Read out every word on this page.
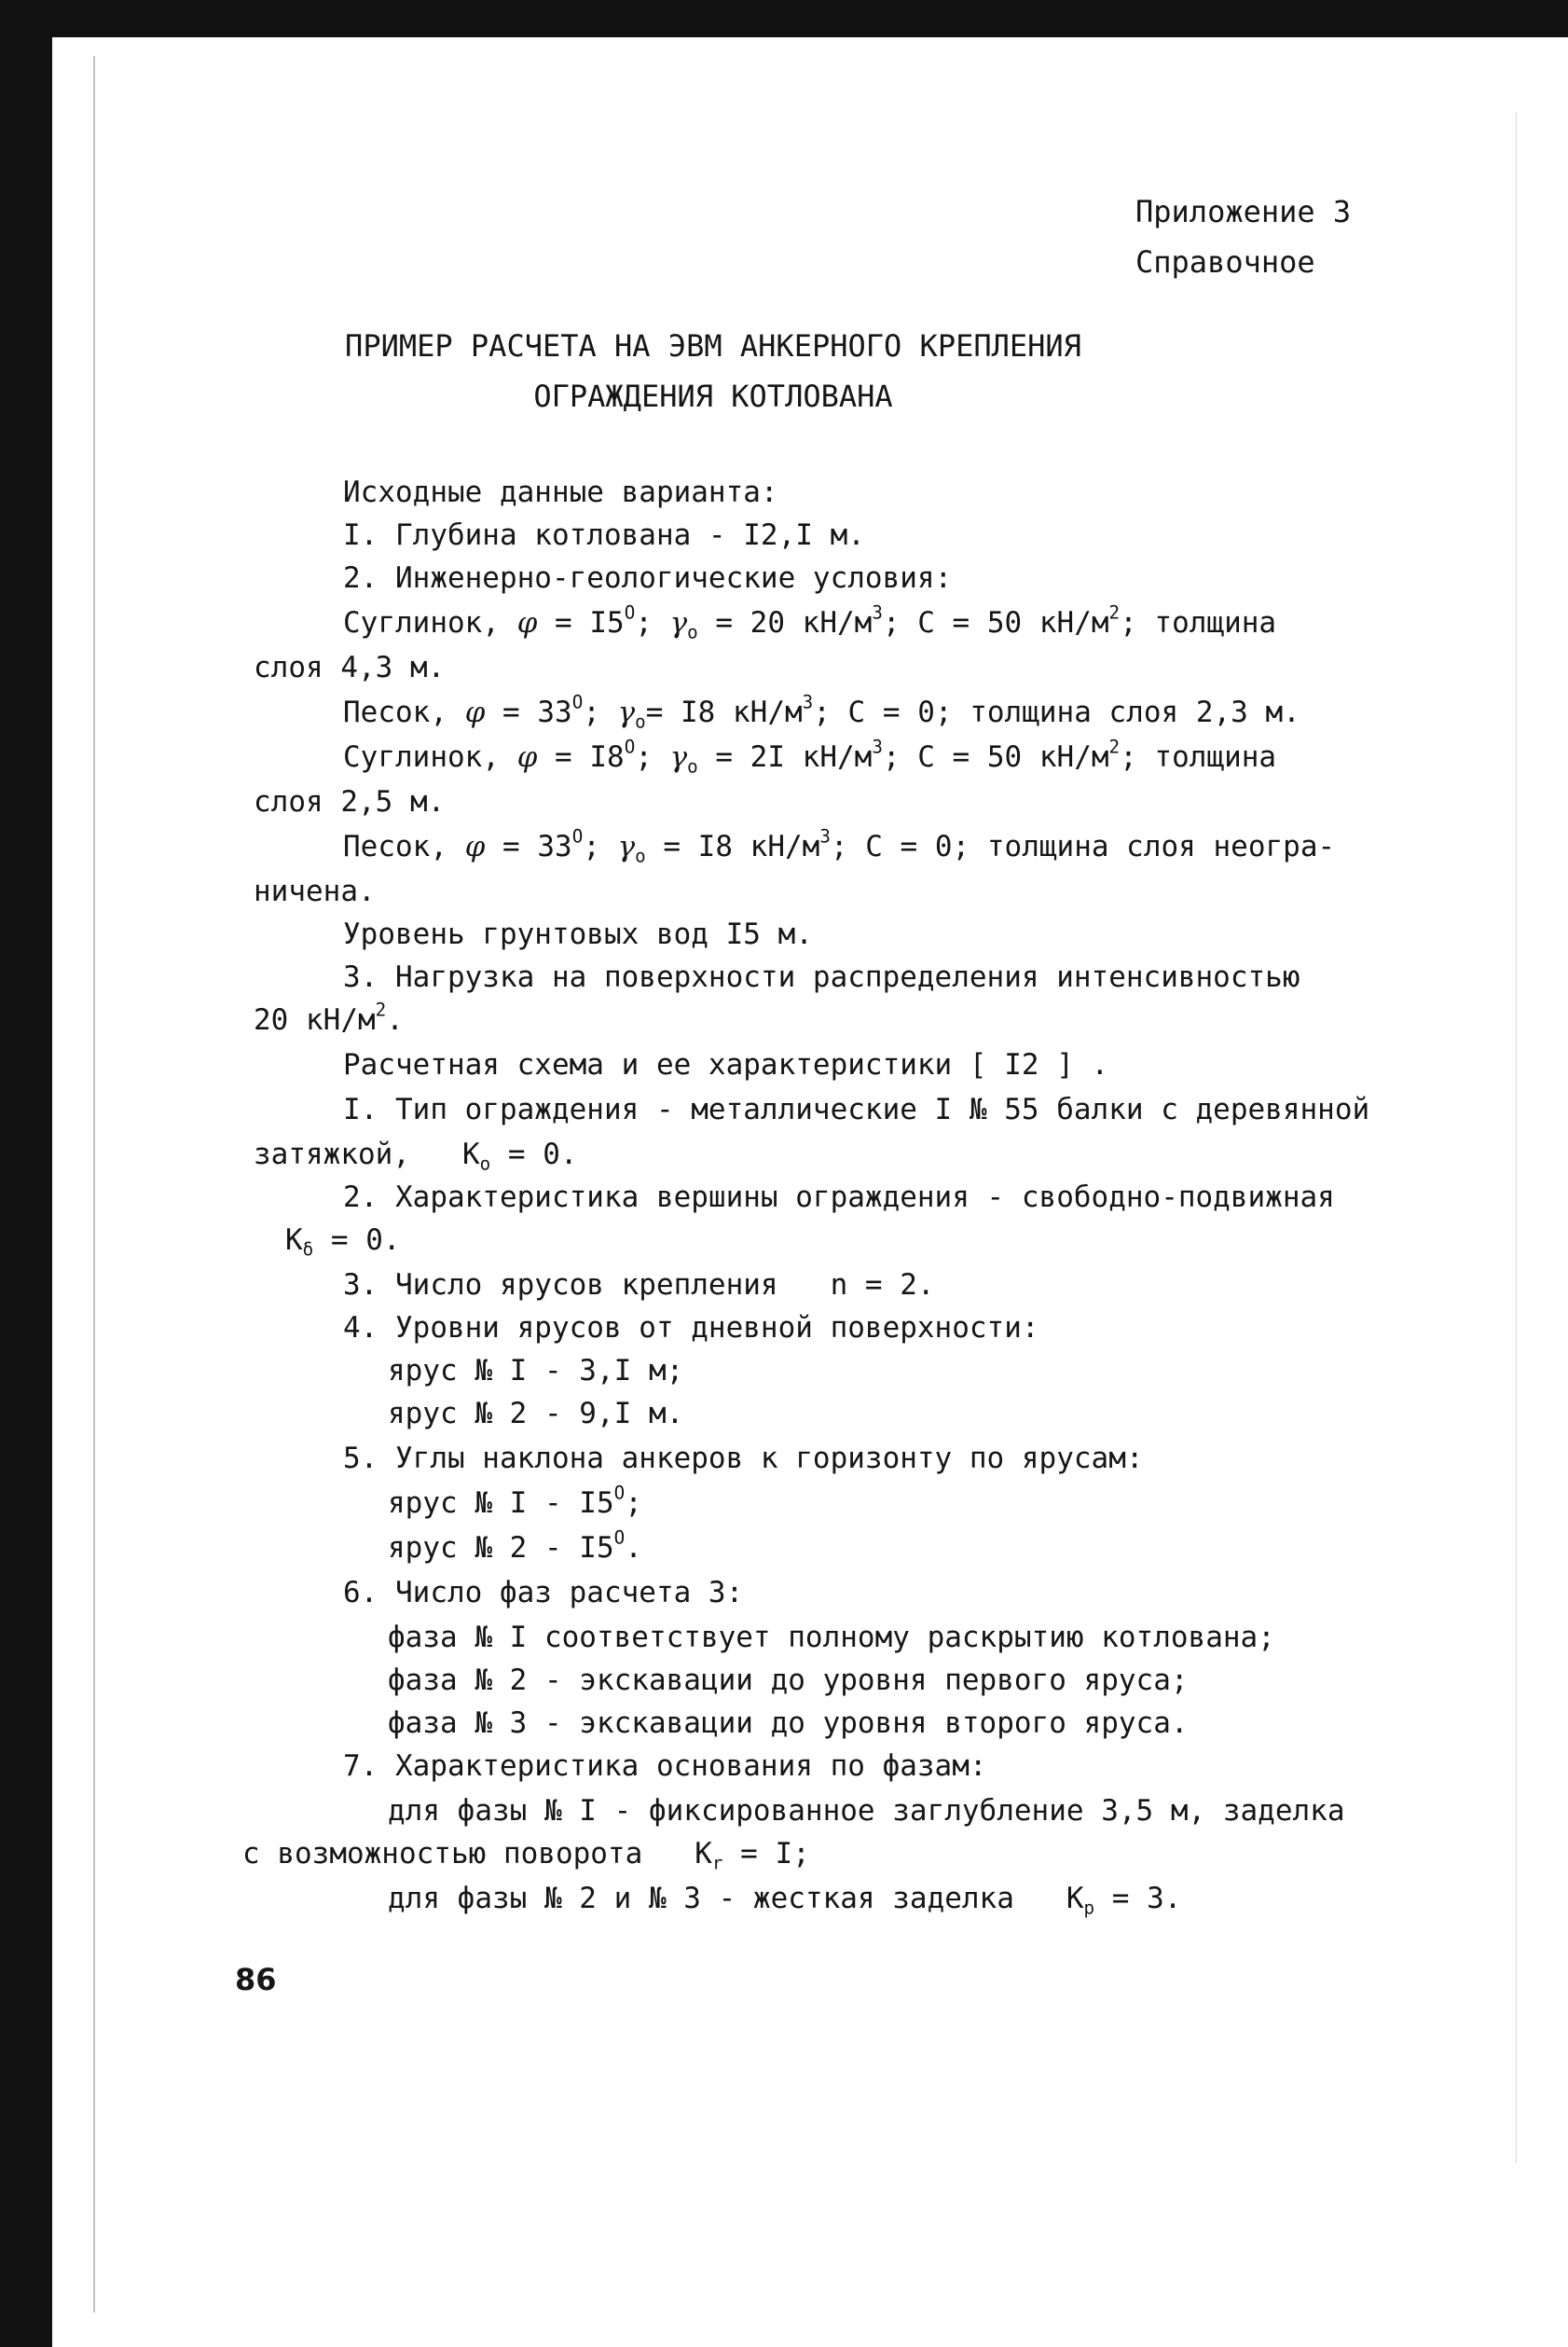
Приложение 3
Справочное
ПРИМЕР РАСЧЕТА НА ЭВМ АНКЕРНОГО КРЕПЛЕНИЯ
ОГРАЖДЕНИЯ КОТЛОВАНА
Исходные данные варианта:
I. Глубина котлована - I2,I м.
2. Инженерно-геологические условия:
Суглинок, $\varphi = I5^O$; $\gamma_o = 20$ $кН/м^3$; C = 50 $кН/м^2$; толщина
слоя 4,3 м.
Песок, $\varphi = 33^O$; $\gamma_o= I8$ $кН/м^3$; C = 0; толщина слоя 2,3 м.
Суглинок, $\varphi = I8^O$; $\gamma_o = 2I$ $кН/м^3$; C = 50 $кН/м^2$; толщина
слоя 2,5 м.
Песок, $\varphi = 33^O$; $\gamma_o = I8$ $кН/м^3$; C = 0; толщина слоя неогра-
ничена.
Уровень грунтовых вод I5 м.
3. Нагрузка на поверхности распределения интенсивностью
20 $кН/м^2$.
Расчетная схема и ее характеристики [ I2 ] .
I. Тип ограждения - металлические I № 55 балки с деревянной
затяжкой,   $K_o = 0$.
2. Характеристика вершины ограждения - свободно-подвижная
$K_\delta = 0$.
3. Число ярусов крепления n = 2.
4. Уровни ярусов от дневной поверхности:
ярус № I - 3,I м;
ярус № 2 - 9,I м.
5. Углы наклона анкеров к горизонту по ярусам:
ярус № I - $I5^O$;
ярус № $2 - I5^O$.
6. Число фаз расчета 3:
фаза № I соответствует полному раскрытию котлована;
фаза № 2 - экскавации до уровня первого яруса;
фаза № 3 - экскавации до уровня второго яруса.
7. Характеристика основания по фазам:
для фазы № I - фиксированное заглубление 3,5 м, заделка
с возможностью поворота   $K_r = I$;
для фазы № 2 и № 3 - жесткая заделка   $K_p = 3$.
86
